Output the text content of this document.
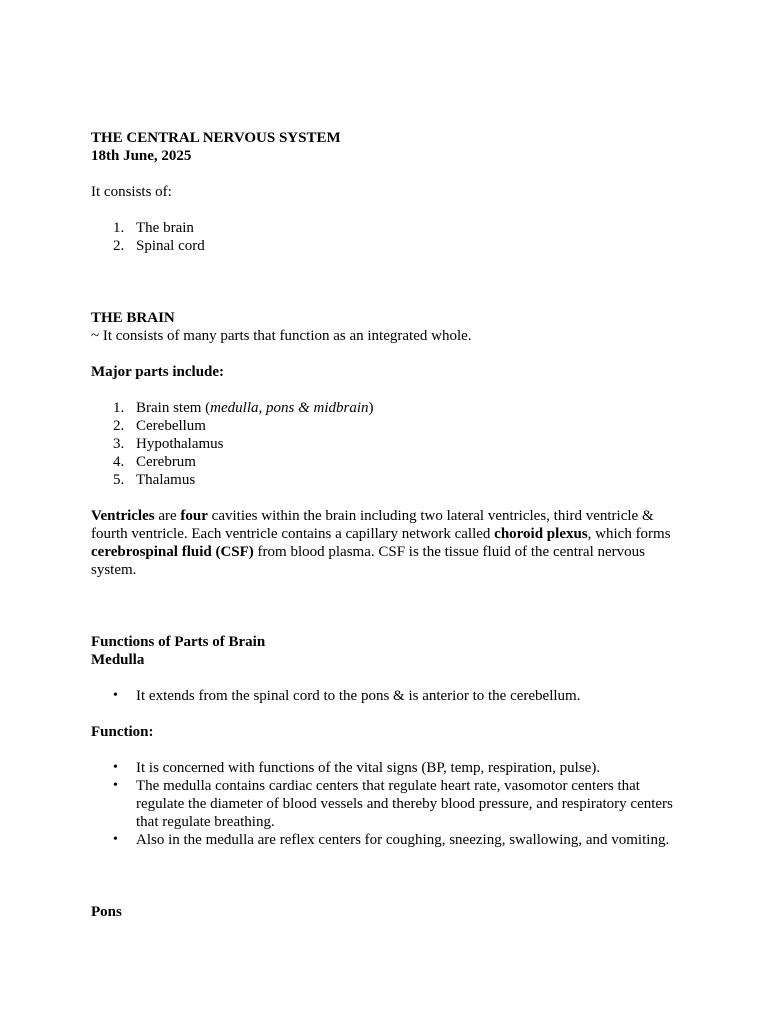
THE CENTRAL NERVOUS SYSTEM

18th June, 2025

It consists of:

1. The brain
2. Spinal cord

THE BRAIN

~ It consists of many parts that function as an integrated whole.

Major parts include:

1. Brain stem (medulla, pons & midbrain)
2. Cerebellum
3. Hypothalamus
4. Cerebrum
5. Thalamus

Ventricles are four cavities within the brain including two lateral ventricles, third ventricle & fourth ventricle. Each ventricle contains a capillary network called choroid plexus, which forms cerebrospinal fluid (CSF) from blood plasma. CSF is the tissue fluid of the central nervous system.

Functions of Parts of Brain

Medulla

• It extends from the spinal cord to the pons & is anterior to the cerebellum.

Function:

• It is concerned with functions of the vital signs (BP, temp, respiration, pulse).
• The medulla contains cardiac centers that regulate heart rate, vasomotor centers that regulate the diameter of blood vessels and thereby blood pressure, and respiratory centers that regulate breathing.
• Also in the medulla are reflex centers for coughing, sneezing, swallowing, and vomiting.

Pons
